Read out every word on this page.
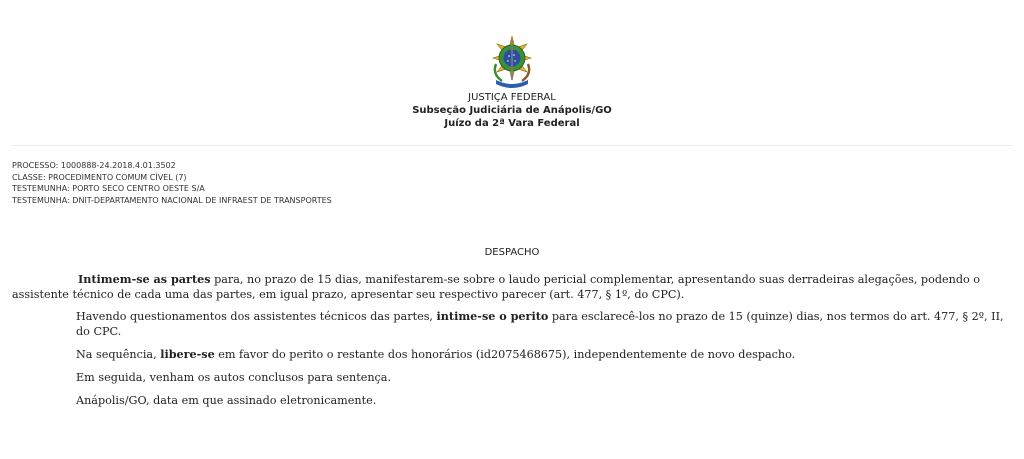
JUSTIÇA FEDERAL
Subseção Judiciária de Anápolis/GO
Juízo da 2ª Vara Federal
PROCESSO: 1000888-24.2018.4.01.3502
CLASSE: PROCEDIMENTO COMUM CÍVEL (7)
TESTEMUNHA: PORTO SECO CENTRO OESTE S/A
TESTEMUNHA: DNIT-DEPARTAMENTO NACIONAL DE INFRAEST DE TRANSPORTES
DESPACHO

Intimem-se as partes para, no prazo de 15 dias, manifestarem-se sobre o laudo pericial complementar, apresentando suas derradeiras alegações, podendo o assistente técnico de cada uma das partes, em igual prazo, apresentar seu respectivo parecer (art. 477, § 1º, do CPC).

Havendo questionamentos dos assistentes técnicos das partes, intime-se o perito para esclarecê-los no prazo de 15 (quinze) dias, nos termos do art. 477, § 2º, II, do CPC.

Na sequência, libere-se em favor do perito o restante dos honorários (id2075468675), independentemente de novo despacho.

Em seguida, venham os autos conclusos para sentença.

Anápolis/GO, data em que assinado eletronicamente.
